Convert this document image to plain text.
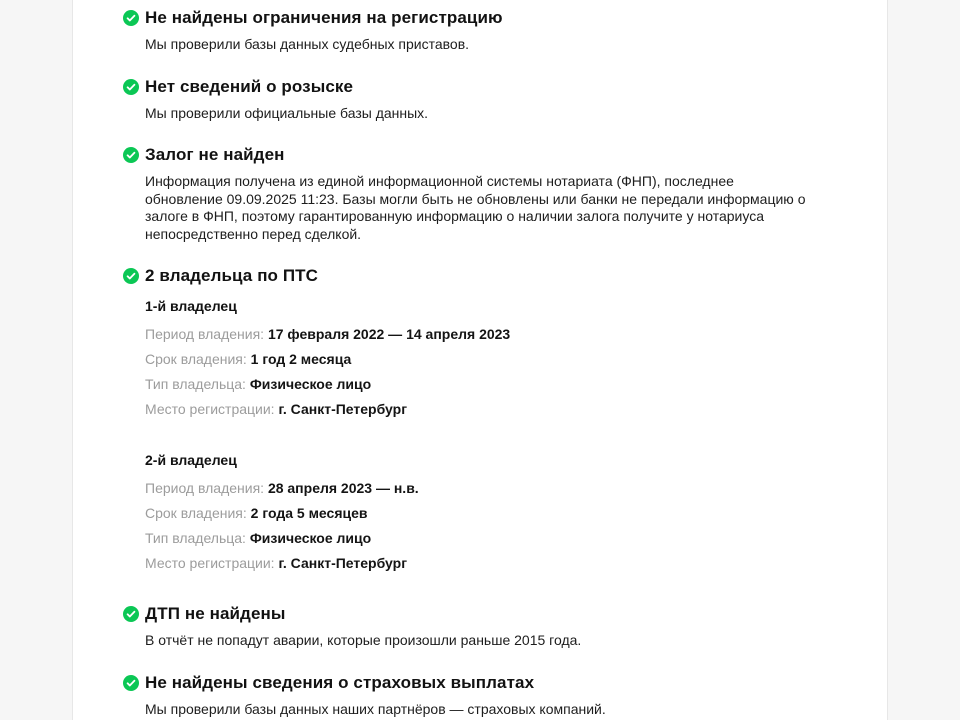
Не найдены ограничения на регистрацию

Мы проверили базы данных судебных приставов.

Нет сведений о розыске

Мы проверили официальные базы данных.

Залог не найден

Информация получена из единой информационной системы нотариата (ФНП), последнее обновление 09.09.2025 11:23. Базы могли быть не обновлены или банки не передали информацию о залоге в ФНП, поэтому гарантированную информацию о наличии залога получите у нотариуса непосредственно перед сделкой.

2 владельца по ПТС

1-й владелец

Период владения: 17 февраля 2022 — 14 апреля 2023

Срок владения: 1 год 2 месяца

Тип владельца: Физическое лицо

Место регистрации: г. Санкт-Петербург

2-й владелец

Период владения: 28 апреля 2023 — н.в.

Срок владения: 2 года 5 месяцев

Тип владельца: Физическое лицо

Место регистрации: г. Санкт-Петербург

ДТП не найдены

В отчёт не попадут аварии, которые произошли раньше 2015 года.

Не найдены сведения о страховых выплатах

Мы проверили базы данных наших партнёров — страховых компаний.
